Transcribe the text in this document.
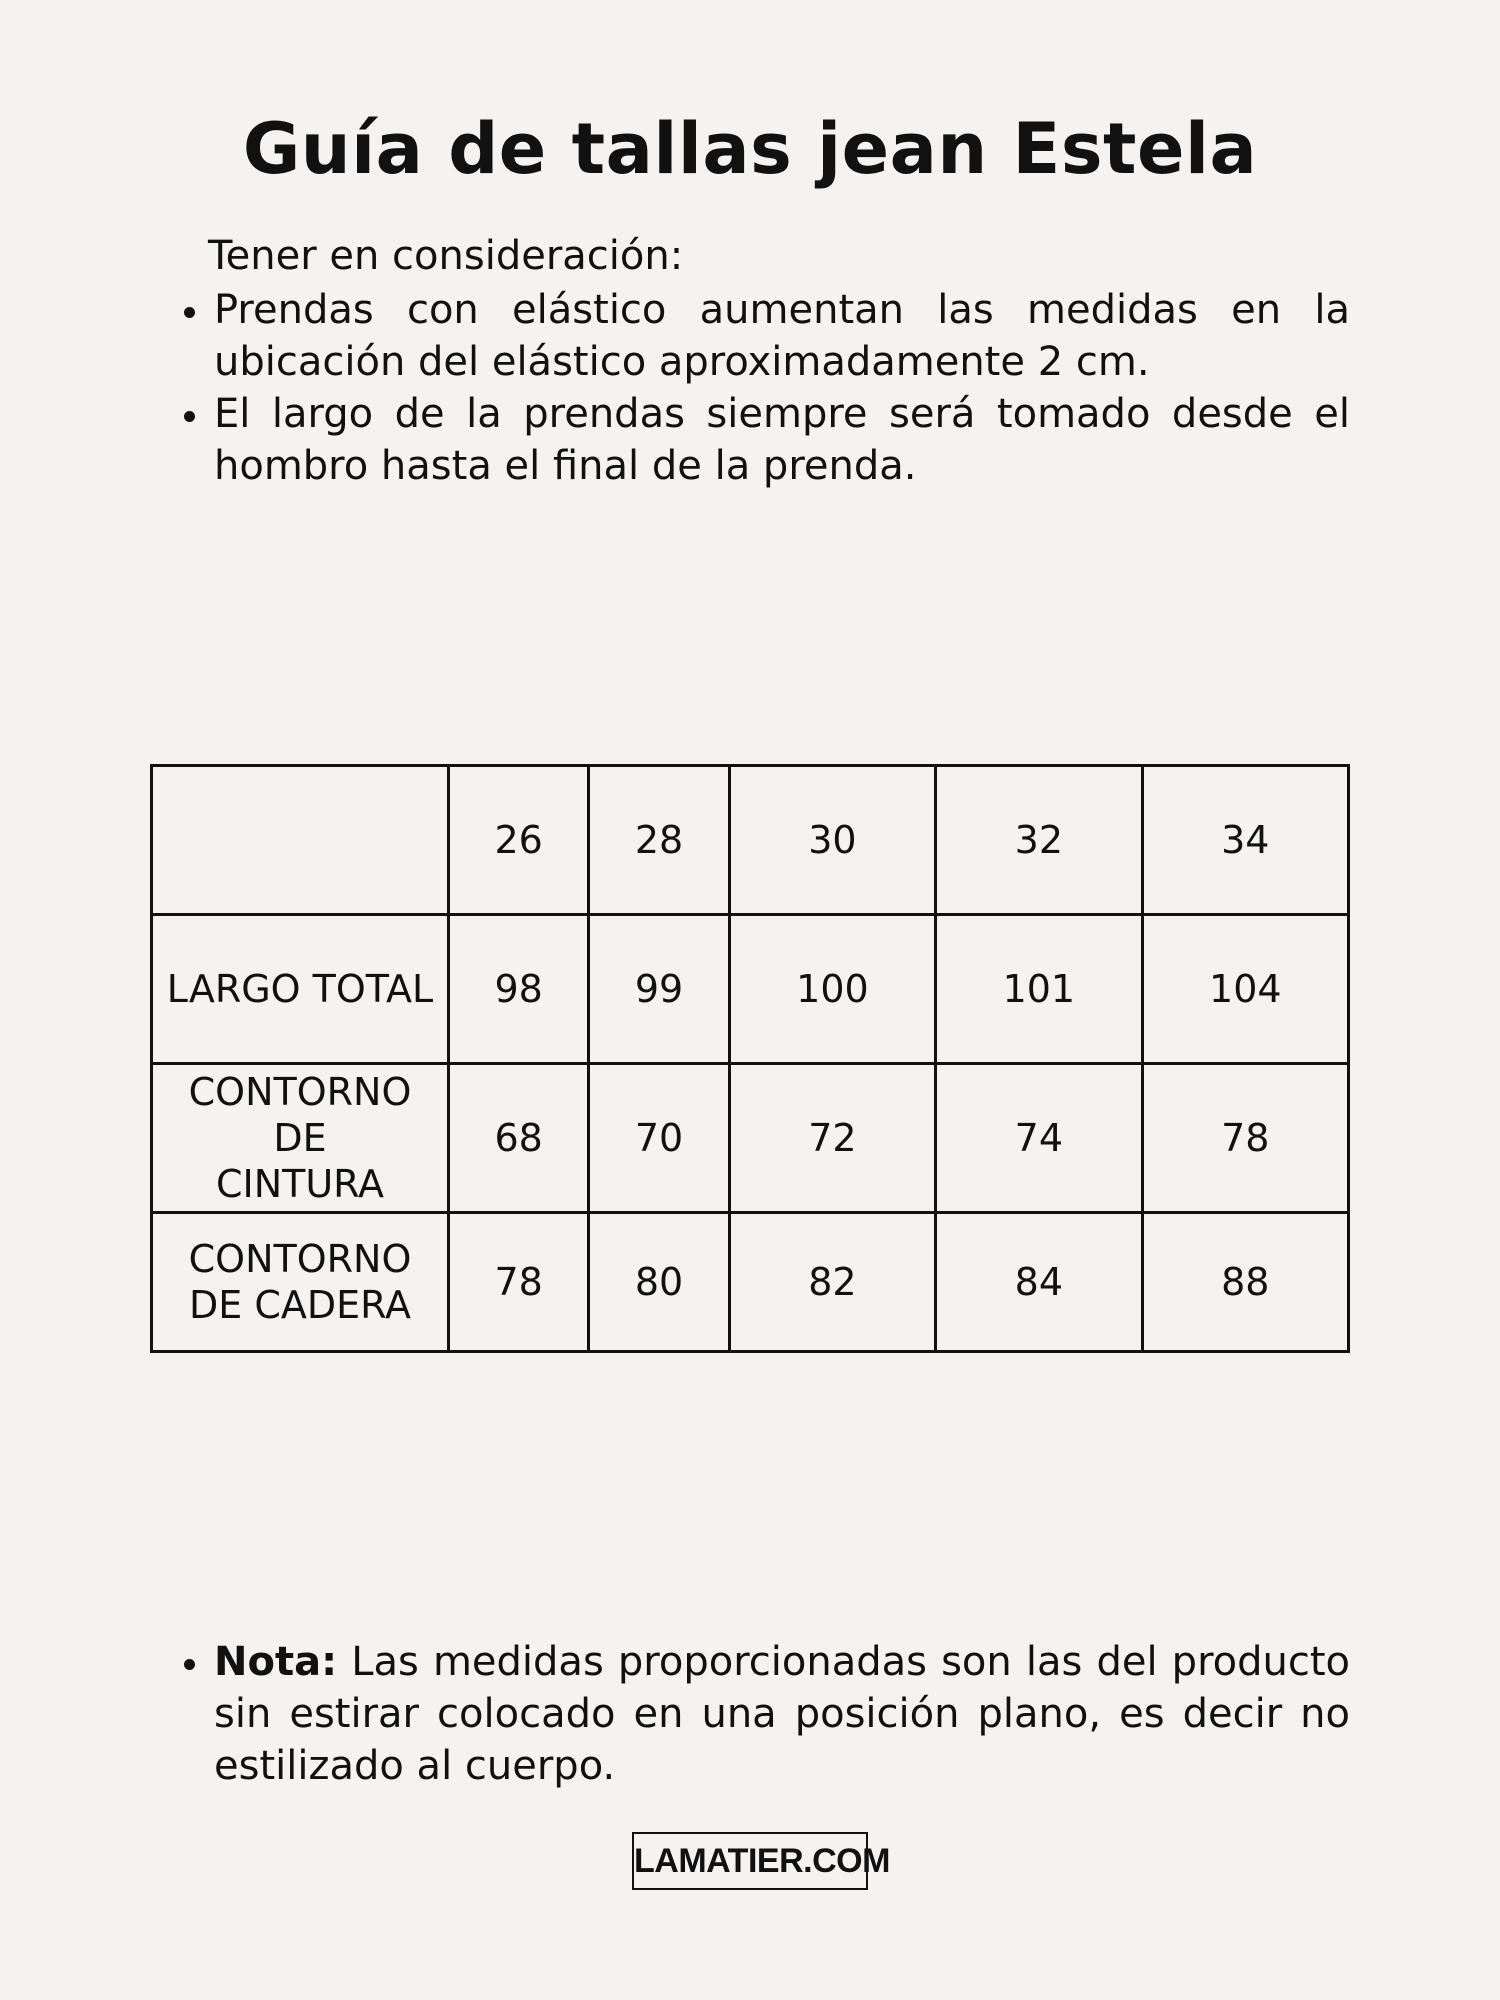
Guía de tallas jean Estela
Tener en consideración:
Prendas con elástico aumentan las medidas en la ubicación del elástico aproximadamente 2 cm.
El largo de la prendas siempre será tomado desde el hombro hasta el final de la prenda.
	26	28	30	32	34
LARGO TOTAL	98	99	100	101	104

CONTORNO DE CINTURA	68	70	72	74	78

CONTORNO DE CADERA	78	80	82	84	88
Nota: Las medidas proporcionadas son las del producto sin estirar colocado en una posición plano, es decir no estilizado al cuerpo.
LAMATIER.COM
